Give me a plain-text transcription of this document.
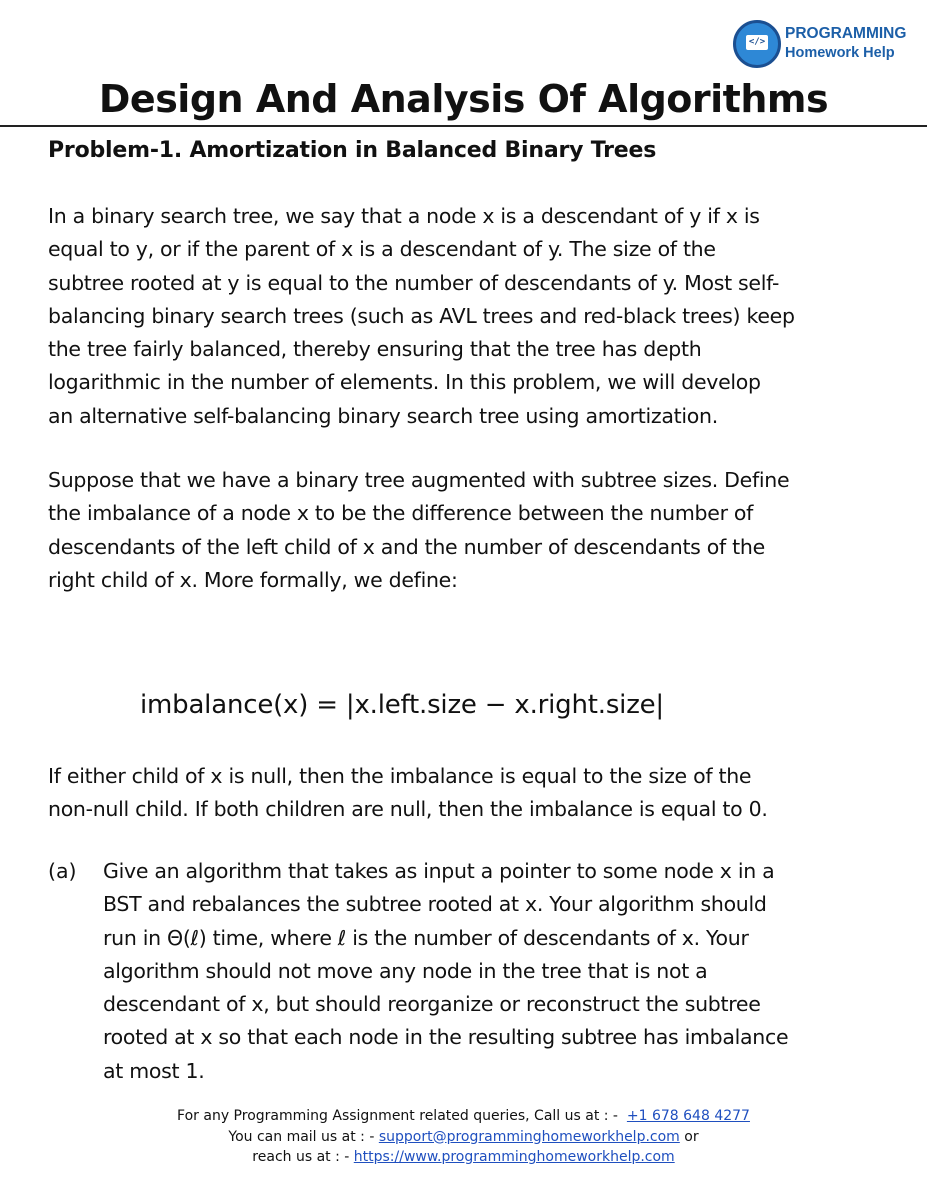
</> PROGRAMMING
Homework Help
Design And Analysis Of Algorithms
Problem-1. Amortization in Balanced Binary Trees

In a binary search tree, we say that a node x is a descendant of y if x is
equal to y, or if the parent of x is a descendant of y. The size of the
subtree rooted at y is equal to the number of descendants of y. Most self-
balancing binary search trees (such as AVL trees and red-black trees) keep
the tree fairly balanced, thereby ensuring that the tree has depth
logarithmic in the number of elements. In this problem, we will develop
an alternative self-balancing binary search tree using amortization.

Suppose that we have a binary tree augmented with subtree sizes. Define
the imbalance of a node x to be the difference between the number of
descendants of the left child of x and the number of descendants of the
right child of x. More formally, we define:

imbalance(x) = |x.left.size − x.right.size|

If either child of x is null, then the imbalance is equal to the size of the
non-null child. If both children are null, then the imbalance is equal to 0.

(a) Give an algorithm that takes as input a pointer to some node x in a
BST and rebalances the subtree rooted at x. Your algorithm should
run in Θ(ℓ) time, where ℓ is the number of descendants of x. Your
algorithm should not move any node in the tree that is not a
descendant of x, but should reorganize or reconstruct the subtree
rooted at x so that each node in the resulting subtree has imbalance
at most 1.

For any Programming Assignment related queries, Call us at : - +1 678 648 4277
You can mail us at : - support@programminghomeworkhelp.com or
reach us at : - https://www.programminghomeworkhelp.com
